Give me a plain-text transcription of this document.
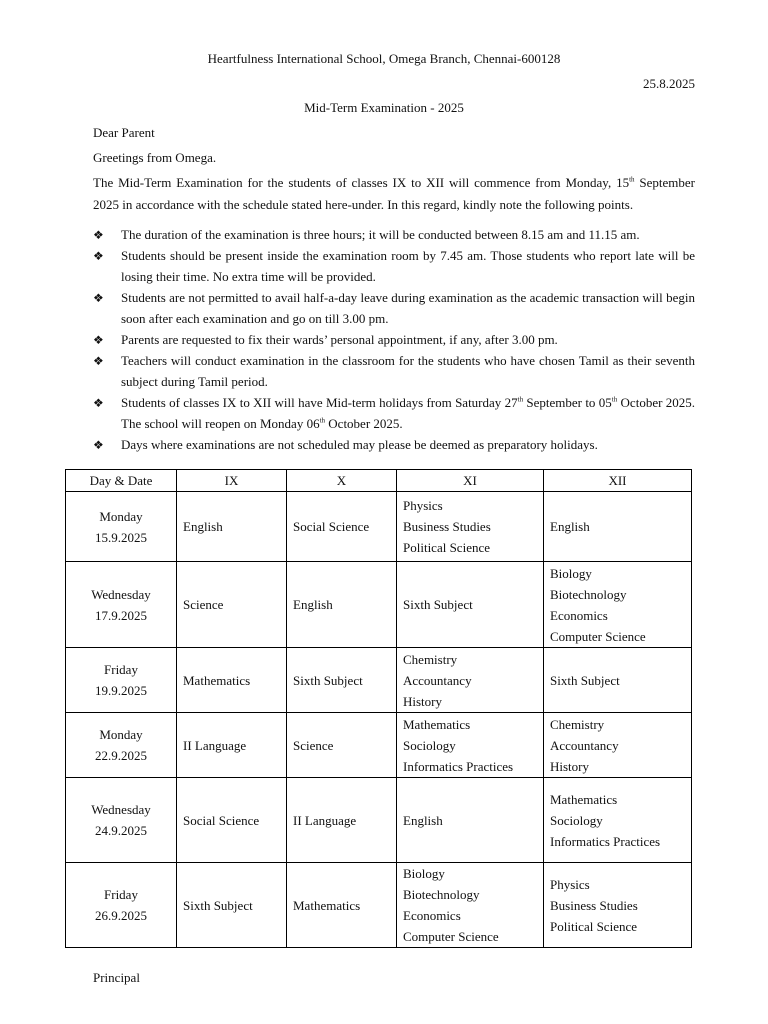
Heartfulness International School, Omega Branch, Chennai-600128
25.8.2025
Mid-Term Examination - 2025
Dear Parent
Greetings from Omega.
The Mid-Term Examination for the students of classes IX to XII will commence from Monday, 15th September 2025 in accordance with the schedule stated here-under. In this regard, kindly note the following points.
❖ The duration of the examination is three hours; it will be conducted between 8.15 am and 11.15 am.
❖ Students should be present inside the examination room by 7.45 am. Those students who report late will be losing their time. No extra time will be provided.
❖ Students are not permitted to avail half-a-day leave during examination as the academic transaction will begin soon after each examination and go on till 3.00 pm.
❖ Parents are requested to fix their wards’ personal appointment, if any, after 3.00 pm.
❖ Teachers will conduct examination in the classroom for the students who have chosen Tamil as their seventh subject during Tamil period.
❖ Students of classes IX to XII will have Mid-term holidays from Saturday 27th September to 05th October 2025. The school will reopen on Monday 06th October 2025.
❖ Days where examinations are not scheduled may please be deemed as preparatory holidays.
Day & Date	IX	X	XI	XII

Monday
15.9.2025	English	Social Science	Physics
Business Studies
Political Science	English

Wednesday
17.9.2025	Science	English	Sixth Subject	Biology
Biotechnology
Economics
Computer Science

Friday
19.9.2025	Mathematics	Sixth Subject	Chemistry
Accountancy
History	Sixth Subject

Monday
22.9.2025	II Language	Science	Mathematics
Sociology
Informatics Practices	Chemistry
Accountancy
History

Wednesday
24.9.2025	Social Science	II Language	English	Mathematics
Sociology
Informatics Practices

Friday
26.9.2025	Sixth Subject	Mathematics	Biology
Biotechnology
Economics
Computer Science	Physics
Business Studies
Political Science
Principal
